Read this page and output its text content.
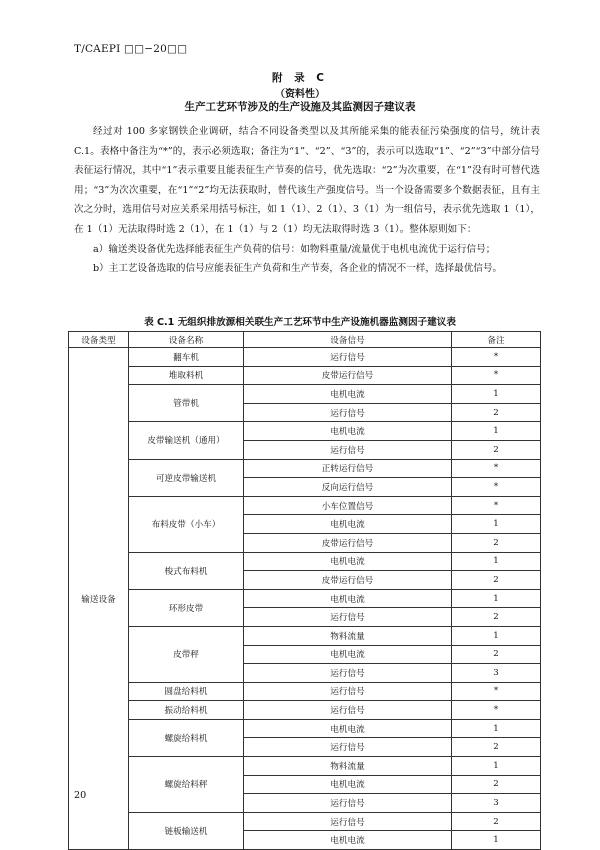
T/CAEPI □□−20□□
附 录 C
（资料性）
生产工艺环节涉及的生产设施及其监测因子建议表

经过对 100 多家钢铁企业调研，结合不同设备类型以及其所能采集的能表征污染强度的信号，统计表 C.1。表格中备注为“*”的，表示必须选取；备注为“1”、“2”、“3”的，表示可以选取“1”、“2”“3”中部分信号表征运行情况，其中“1”表示重要且能表征生产节奏的信号，优先选取：“2”为次重要，在“1”没有时可替代选用；“3”为次次重要，在“1”“2”均无法获取时，替代该生产强度信号。当一个设备需要多个数据表征，且有主次之分时，选用信号对应关系采用括号标注，如 1（1）、2（1）、3（1）为一组信号，表示优先选取 1（1），在 1（1）无法取得时选 2（1），在 1（1）与 2（1）均无法取得时选 3（1）。整体原则如下：

a）输送类设备优先选择能表征生产负荷的信号：如物料重量/流量优于电机电流优于运行信号；

b）主工艺设备选取的信号应能表征生产负荷和生产节奏，各企业的情况不一样，选择最优信号。

表 C.1 无组织排放源相关联生产工艺环节中生产设施机器监测因子建议表
设备类型	设备名称	设备信号	备注
输送设备	翻车机	运行信号	*
	堆取料机	皮带运行信号	*
	管带机	电机电流	1
		运行信号	2
	皮带输送机（通用）	电机电流	1
		运行信号	2
	可逆皮带输送机	正转运行信号	*
		反向运行信号	*
	布料皮带（小车）	小车位置信号	*
		电机电流	1
		皮带运行信号	2
	梭式布料机	电机电流	1
		皮带运行信号	2
	环形皮带	电机电流	1
		运行信号	2
	皮带秤	物料流量	1
		电机电流	2
		运行信号	3
	圆盘给料机	运行信号	*
	振动给料机	运行信号	*
	螺旋给料机	电机电流	1
		运行信号	2
	螺旋给料秤	物料流量	1
		电机电流	2
		运行信号	3
	链板输送机	运行信号	2
		电机电流	1
20
